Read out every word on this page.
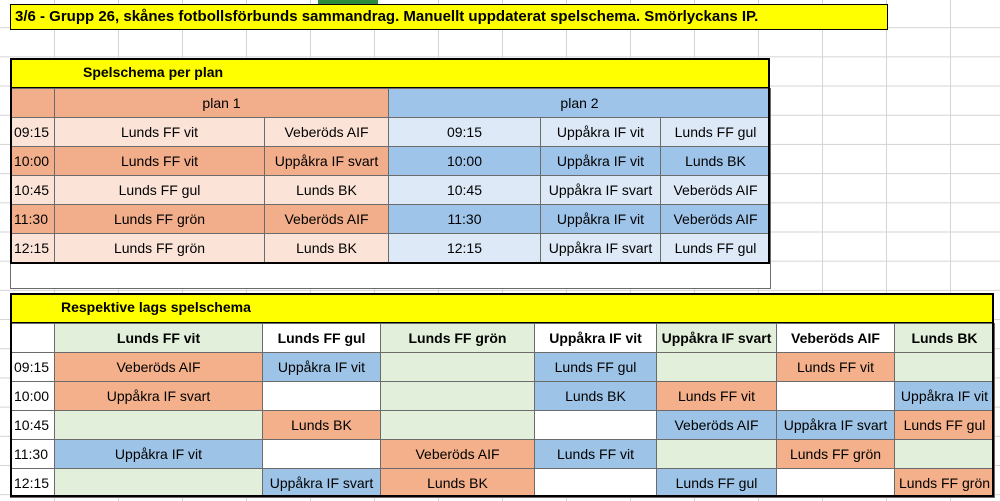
3/6 - Grupp 26, skånes fotbollsförbunds sammandrag. Manuellt uppdaterat spelschema. Smörlyckans IP.
Spelschema per plan
	plan 1		plan 2		
09:15	Lunds FF vit	Veberöds AIF	09:15	Uppåkra IF vit	Lunds FF gul
10:00	Lunds FF vit	Uppåkra IF svart	10:00	Uppåkra IF vit	Lunds BK
10:45	Lunds FF gul	Lunds BK	10:45	Uppåkra IF svart	Veberöds AIF
11:30	Lunds FF grön	Veberöds AIF	11:30	Uppåkra IF vit	Veberöds AIF
12:15	Lunds FF grön	Lunds BK	12:15	Uppåkra IF svart	Lunds FF gul

Respektive lags spelschema
	Lunds FF vit	Lunds FF gul	Lunds FF grön	Uppåkra IF vit	Uppåkra IF svart	Veberöds AIF	Lunds BK
09:15	Veberöds AIF	Uppåkra IF vit		Lunds FF gul		Lunds FF vit	
10:00	Uppåkra IF svart			Lunds BK	Lunds FF vit		Uppåkra IF vit
10:45		Lunds BK			Veberöds AIF	Uppåkra IF svart	Lunds FF gul
11:30	Uppåkra IF vit		Veberöds AIF	Lunds FF vit		Lunds FF grön	
12:15		Uppåkra IF svart	Lunds BK		Lunds FF gul		Lunds FF grön
